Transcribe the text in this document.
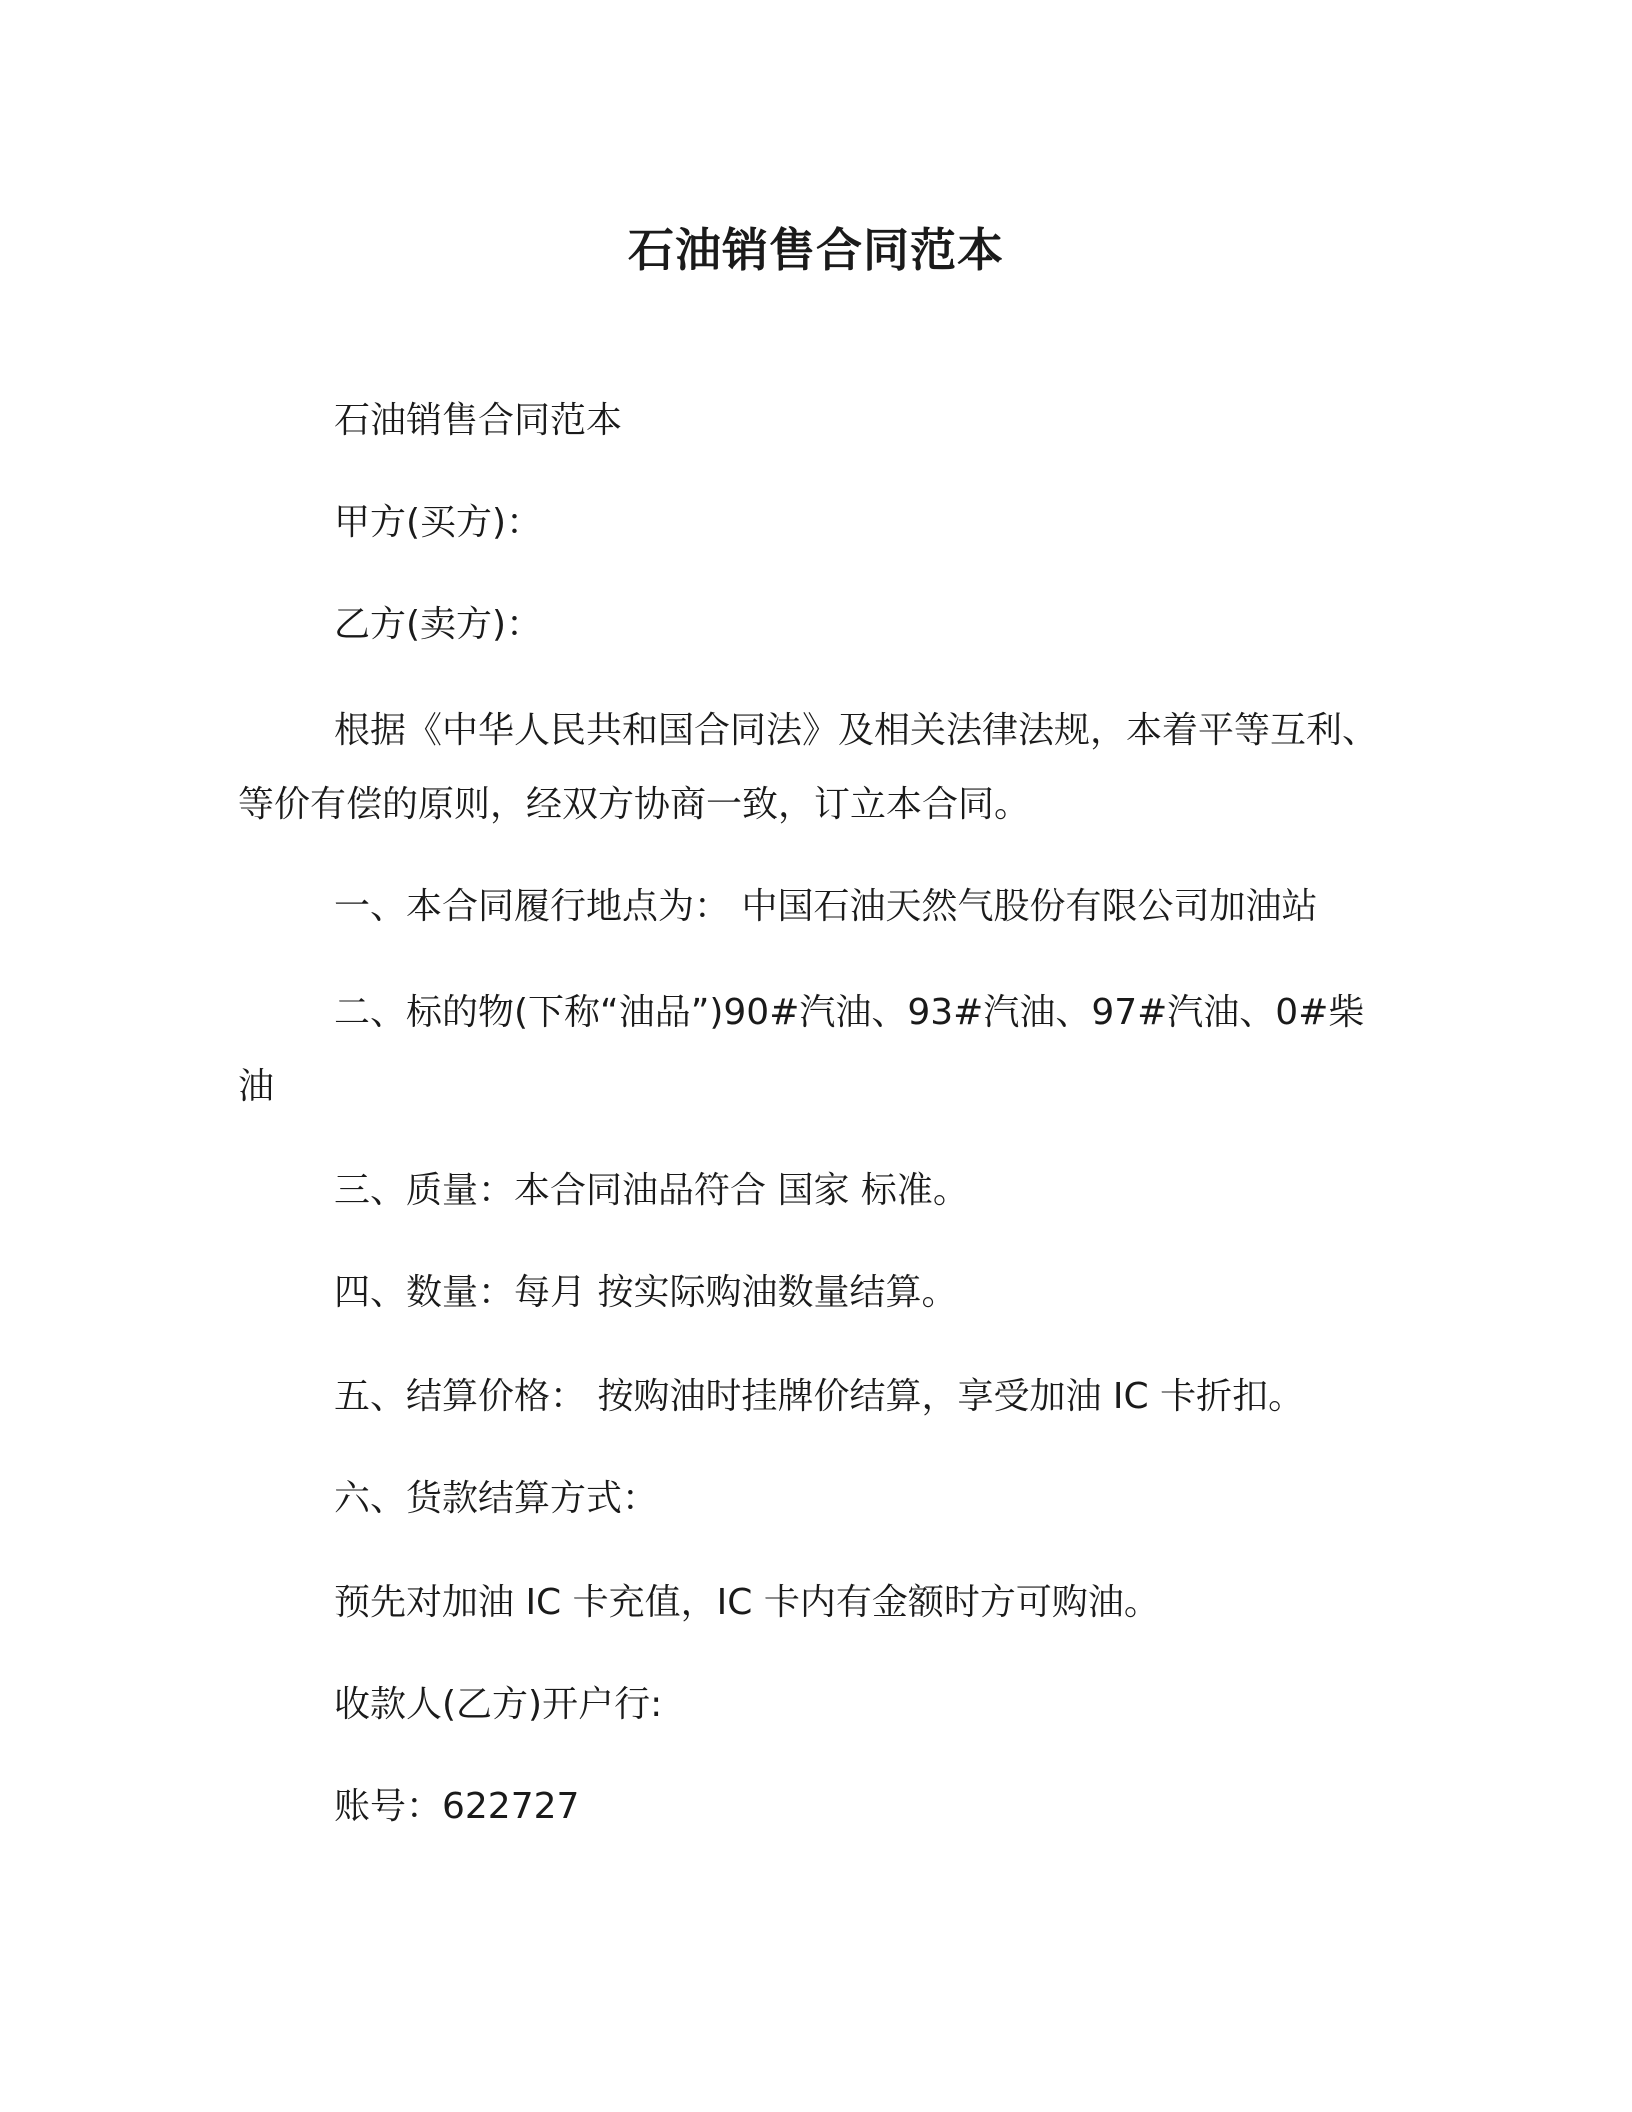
石油销售合同范本
石油销售合同范本
甲方(买方)：
乙方(卖方)：
根据《中华人民共和国合同法》及相关法律法规，本着平等互利、等价有偿的原则，经双方协商一致，订立本合同。
一、本合同履行地点为： 中国石油天然气股份有限公司加油站
二、标的物(下称“油品”)90#汽油、93#汽油、97#汽油、0#柴油
三、质量：本合同油品符合 国家 标准。
四、数量：每月 按实际购油数量结算。
五、结算价格： 按购油时挂牌价结算，享受加油 IC 卡折扣。
六、货款结算方式：
预先对加油 IC 卡充值，IC 卡内有金额时方可购油。
收款人(乙方)开户行:
账号：622727
